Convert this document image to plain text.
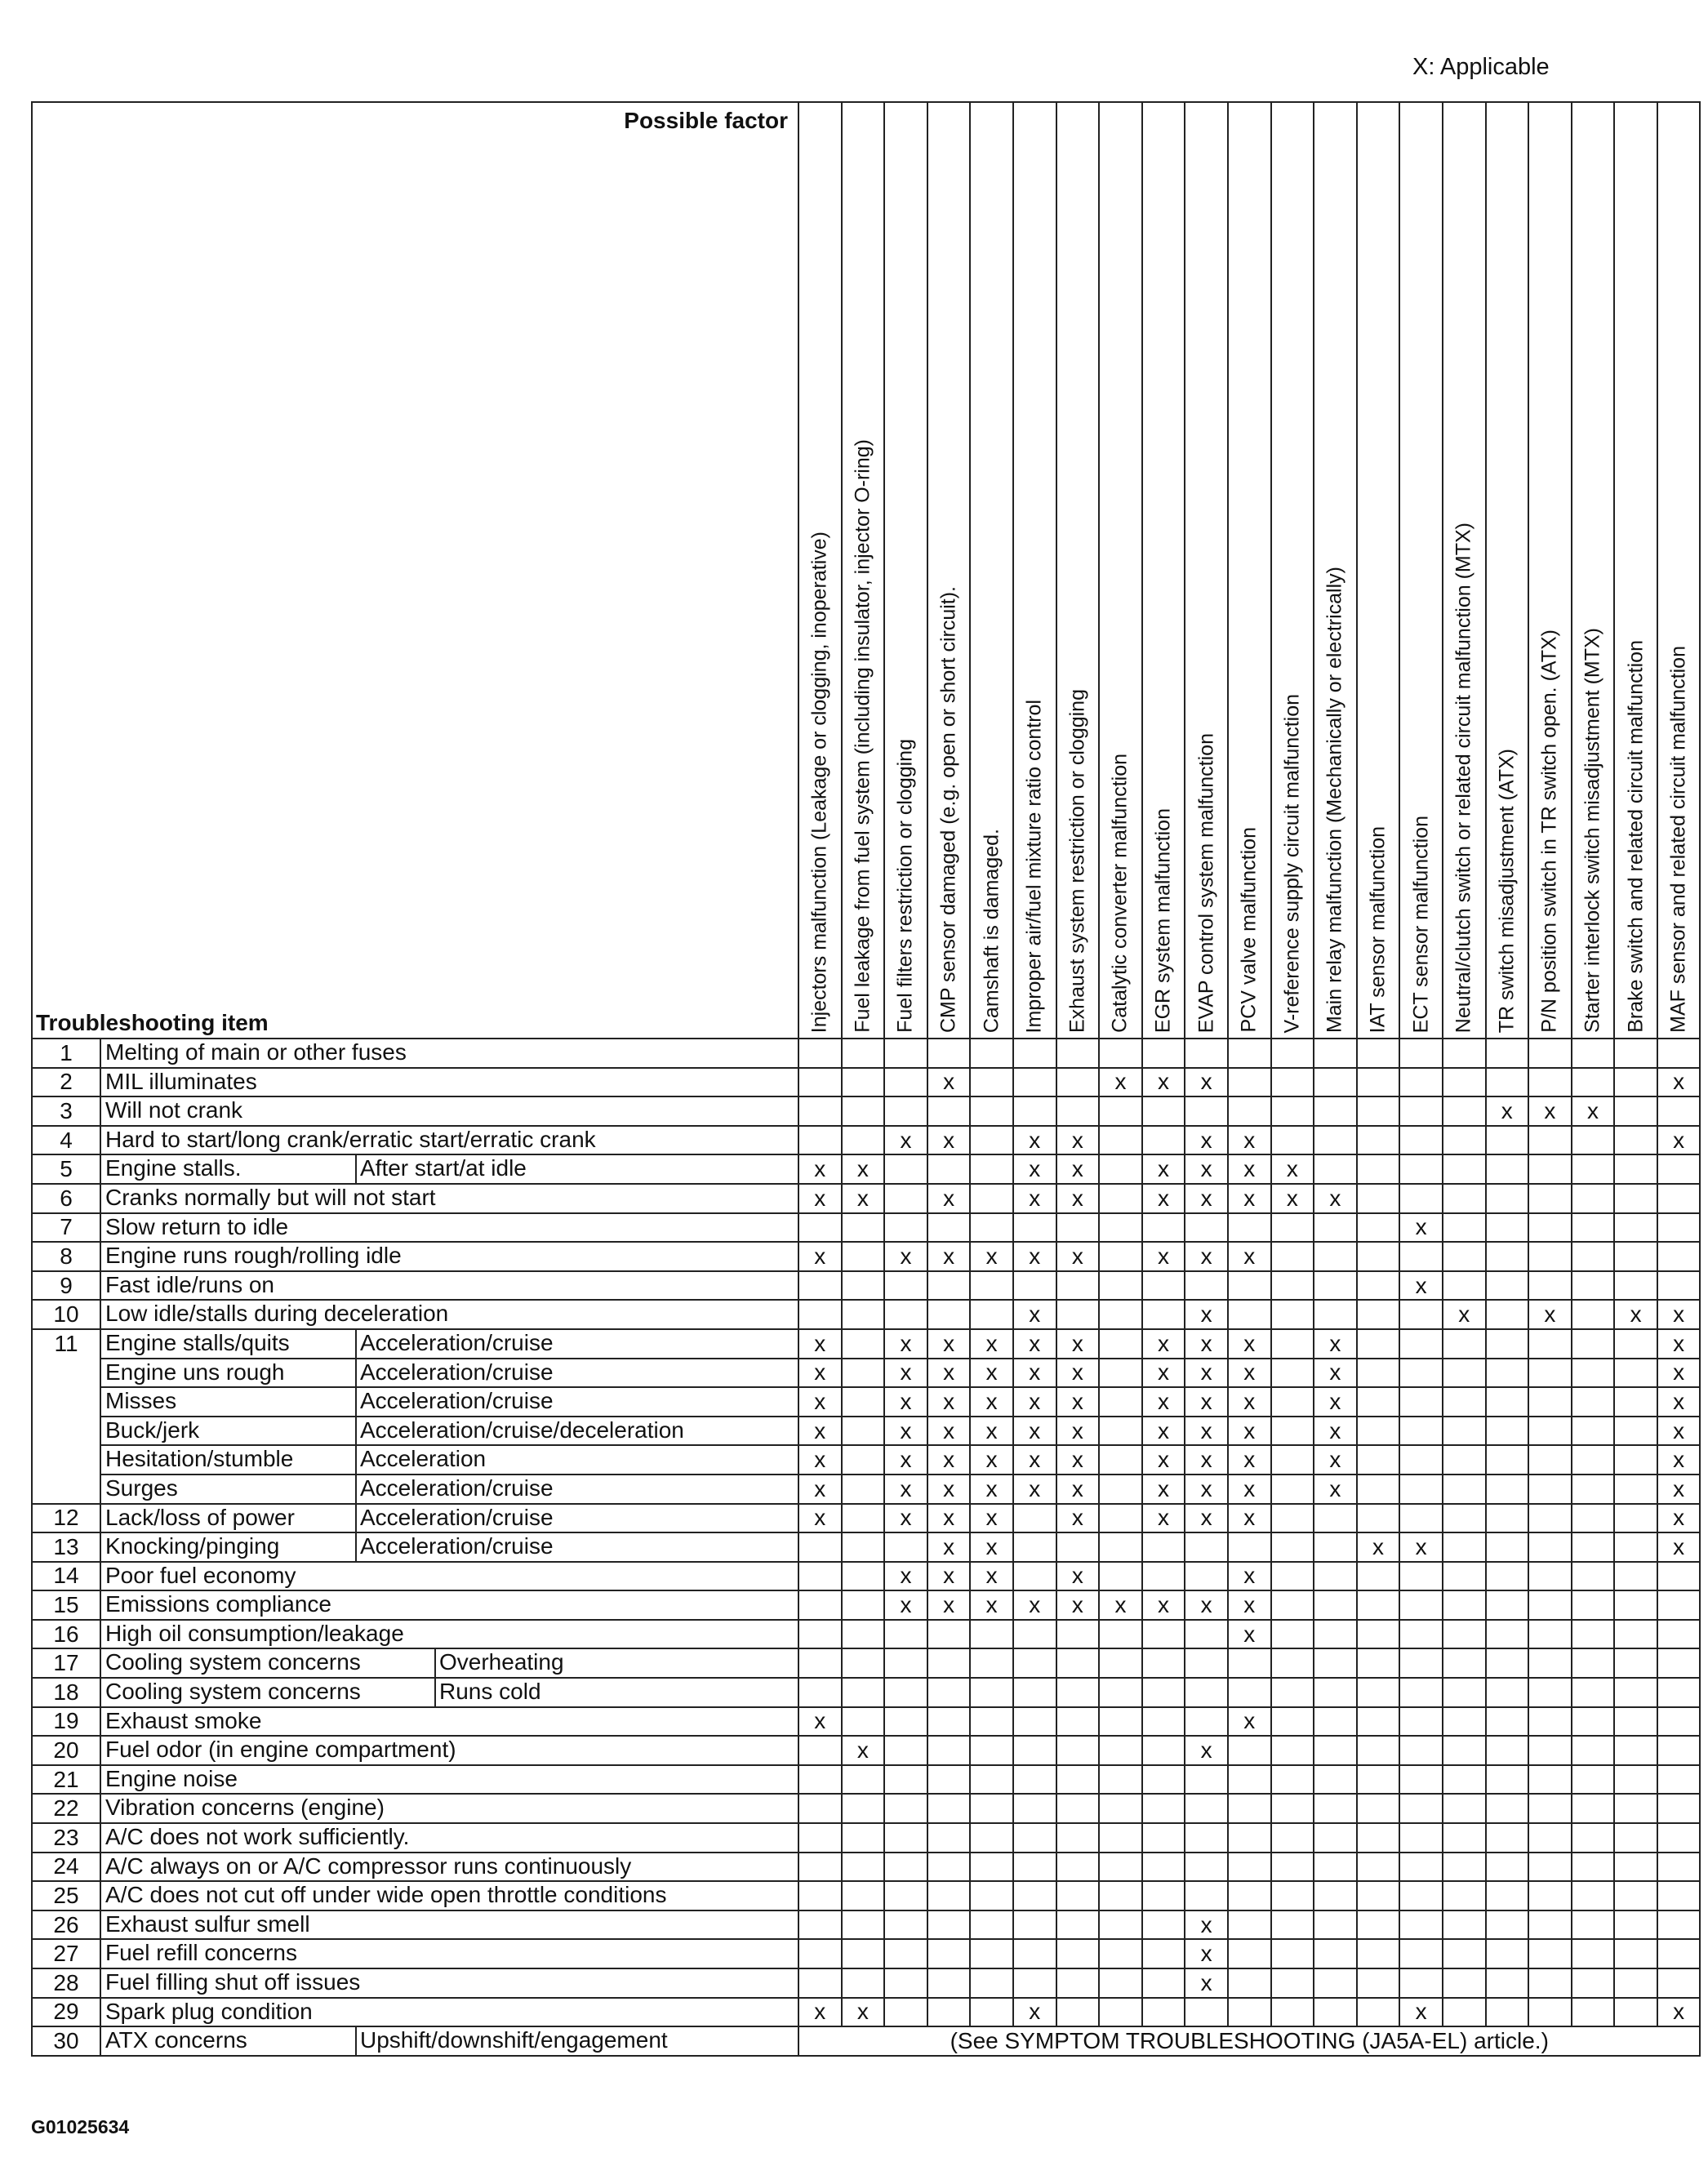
X: Applicable
Possible factor
Troubleshooting item		Injectors malfunction (Leakage or clogging, inoperative)	Fuel leakage from fuel system (including insulator, injector O-ring)	Fuel filters restriction or clogging	CMP sensor damaged (e.g. open or short circuit).	Camshaft is damaged.	Improper air/fuel mixture ratio control	Exhaust system restriction or clogging	Catalytic converter malfunction	EGR system malfunction	EVAP control system malfunction	PCV valve malfunction	V-reference supply circuit malfunction	Main relay malfunction (Mechanically or electrically)	IAT sensor malfunction	ECT sensor malfunction	Neutral/clutch switch or related circuit malfunction (MTX)	TR switch misadjustment (ATX)	P/N position switch in TR switch open. (ATX)	Starter interlock switch misadjustment (MTX)	Brake switch and related circuit malfunction	MAF sensor and related circuit malfunction

1	Melting of main or other fuses																					

2	MIL illuminates				x				x	x	x											x
3	Will not crank																	x	x	x		
4	Hard to start/long crank/erratic start/erratic crank			x	x		x	x			x	x										x
5	Engine stalls. After start/at idle	x	x				x	x		x	x	x	x									
6	Cranks normally but will not start	x	x		x		x	x		x	x	x	x	x								
7	Slow return to idle															x						
8	Engine runs rough/rolling idle	x		x	x	x	x	x		x	x	x										
9	Fast idle/runs on															x						
10	Low idle/stalls during deceleration						x				x						x		x		x	x
11	Engine stalls/quits Acceleration/cruise	x		x	x	x	x	x		x	x	x		x								x

	Engine uns rough Acceleration/cruise	x		x	x	x	x	x		x	x	x		x								x

	Misses Acceleration/cruise	x		x	x	x	x	x		x	x	x		x								x

	Buck/jerk Acceleration/cruise/deceleration	x		x	x	x	x	x		x	x	x		x								x

	Hesitation/stumble Acceleration	x		x	x	x	x	x		x	x	x		x								x

	Surges Acceleration/cruise	x		x	x	x	x	x		x	x	x		x								x
12	Lack/loss of power Acceleration/cruise	x		x	x	x		x		x	x	x										x
13	Knocking/pinging Acceleration/cruise				x	x									x	x						x
14	Poor fuel economy			x	x	x		x				x										
15	Emissions compliance			x	x	x	x	x	x	x	x	x										
16	High oil consumption/leakage											x										
17	Cooling system concerns Overheating																					

18	Cooling system concerns Runs cold																					

19	Exhaust smoke	x										x										
20	Fuel odor (in engine compartment)		x								x											
21	Engine noise																					

22	Vibration concerns (engine)																					

23	A/C does not work sufficiently.																					

24	A/C always on or A/C compressor runs continuously																					

25	A/C does not cut off under wide open throttle conditions																					

26	Exhaust sulfur smell										x											
27	Fuel refill concerns										x											
28	Fuel filling shut off issues										x											
29	Spark plug condition	x	x				x									x						x
30	ATX concerns Upshift/downshift/engagement	(See SYMPTOM TROUBLESHOOTING (JA5A-EL) article.)																				
G01025634
